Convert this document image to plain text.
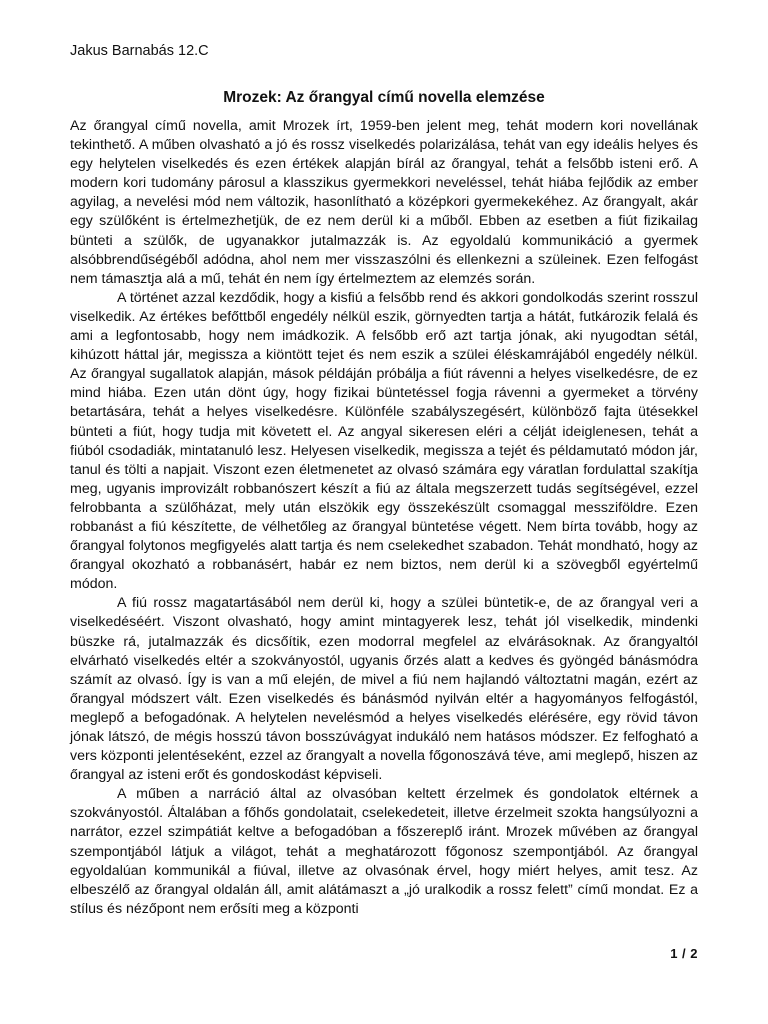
Jakus Barnabás 12.C
Mrozek: Az őrangyal című novella elemzése

Az őrangyal című novella, amit Mrozek írt, 1959-ben jelent meg, tehát modern kori novellának tekinthető. A műben olvasható a jó és rossz viselkedés polarizálása, tehát van egy ideális helyes és egy helytelen viselkedés és ezen értékek alapján bírál az őrangyal, tehát a felsőbb isteni erő. A modern kori tudomány párosul a klasszikus gyermekkori neveléssel, tehát hiába fejlődik az ember agyilag, a nevelési mód nem változik, hasonlítható a középkori gyermekekéhez. Az őrangyalt, akár egy szülőként is értelmezhetjük, de ez nem derül ki a műből. Ebben az esetben a fiút fizikailag bünteti a szülők, de ugyanakkor jutalmazzák is. Az egyoldalú kommunikáció a gyermek alsóbbrendűségéből adódna, ahol nem mer visszaszólni és ellenkezni a szüleinek. Ezen felfogást nem támasztja alá a mű, tehát én nem így értelmeztem az elemzés során.

A történet azzal kezdődik, hogy a kisfiú a felsőbb rend és akkori gondolkodás szerint rosszul viselkedik. Az értékes befőttből engedély nélkül eszik, görnyedten tartja a hátát, futkározik felalá és ami a legfontosabb, hogy nem imádkozik. A felsőbb erő azt tartja jónak, aki nyugodtan sétál, kihúzott háttal jár, megissza a kiöntött tejet és nem eszik a szülei éléskamrájából engedély nélkül. Az őrangyal sugallatok alapján, mások példáján próbálja a fiút rávenni a helyes viselkedésre, de ez mind hiába. Ezen után dönt úgy, hogy fizikai büntetéssel fogja rávenni a gyermeket a törvény betartására, tehát a helyes viselkedésre. Különféle szabályszegésért, különböző fajta ütésekkel bünteti a fiút, hogy tudja mit követett el. Az angyal sikeresen eléri a célját ideiglenesen, tehát a fiúból csodadiák, mintatanuló lesz. Helyesen viselkedik, megissza a tejét és példamutató módon jár, tanul és tölti a napjait. Viszont ezen életmenetet az olvasó számára egy váratlan fordulattal szakítja meg, ugyanis improvizált robbanószert készít a fiú az általa megszerzett tudás segítségével, ezzel felrobbanta a szülőházat, mely után elszökik egy összekészült csomaggal messziföldre. Ezen robbanást a fiú készítette, de vélhetőleg az őrangyal büntetése végett. Nem bírta tovább, hogy az őrangyal folytonos megfigyelés alatt tartja és nem cselekedhet szabadon. Tehát mondható, hogy az őrangyal okozható a robbanásért, habár ez nem biztos, nem derül ki a szövegből egyértelmű módon.

A fiú rossz magatartásából nem derül ki, hogy a szülei büntetik-e, de az őrangyal veri a viselkedéséért. Viszont olvasható, hogy amint mintagyerek lesz, tehát jól viselkedik, mindenki büszke rá, jutalmazzák és dicsőítik, ezen modorral megfelel az elvárásoknak. Az őrangyaltól elvárható viselkedés eltér a szokványostól, ugyanis őrzés alatt a kedves és gyöngéd bánásmódra számít az olvasó. Így is van a mű elején, de mivel a fiú nem hajlandó változtatni magán, ezért az őrangyal módszert vált. Ezen viselkedés és bánásmód nyilván eltér a hagyományos felfogástól, meglepő a befogadónak. A helytelen nevelésmód a helyes viselkedés elérésére, egy rövid távon jónak látszó, de mégis hosszú távon bosszúvágyat indukáló nem hatásos módszer. Ez felfogható a vers központi jelentéseként, ezzel az őrangyalt a novella főgonoszává téve, ami meglepő, hiszen az őrangyal az isteni erőt és gondoskodást képviseli.

A műben a narráció által az olvasóban keltett érzelmek és gondolatok eltérnek a szokványostól. Általában a főhős gondolatait, cselekedeteit, illetve érzelmeit szokta hangsúlyozni a narrátor, ezzel szimpátiát keltve a befogadóban a főszereplő iránt. Mrozek művében az őrangyal szempontjából látjuk a világot, tehát a meghatározott főgonosz szempontjából. Az őrangyal egyoldalúan kommunikál a fiúval, illetve az olvasónak érvel, hogy miért helyes, amit tesz. Az elbeszélő az őrangyal oldalán áll, amit alátámaszt a „jó uralkodik a rossz felett” című mondat. Ez a stílus és nézőpont nem erősíti meg a központi

1 / 2
